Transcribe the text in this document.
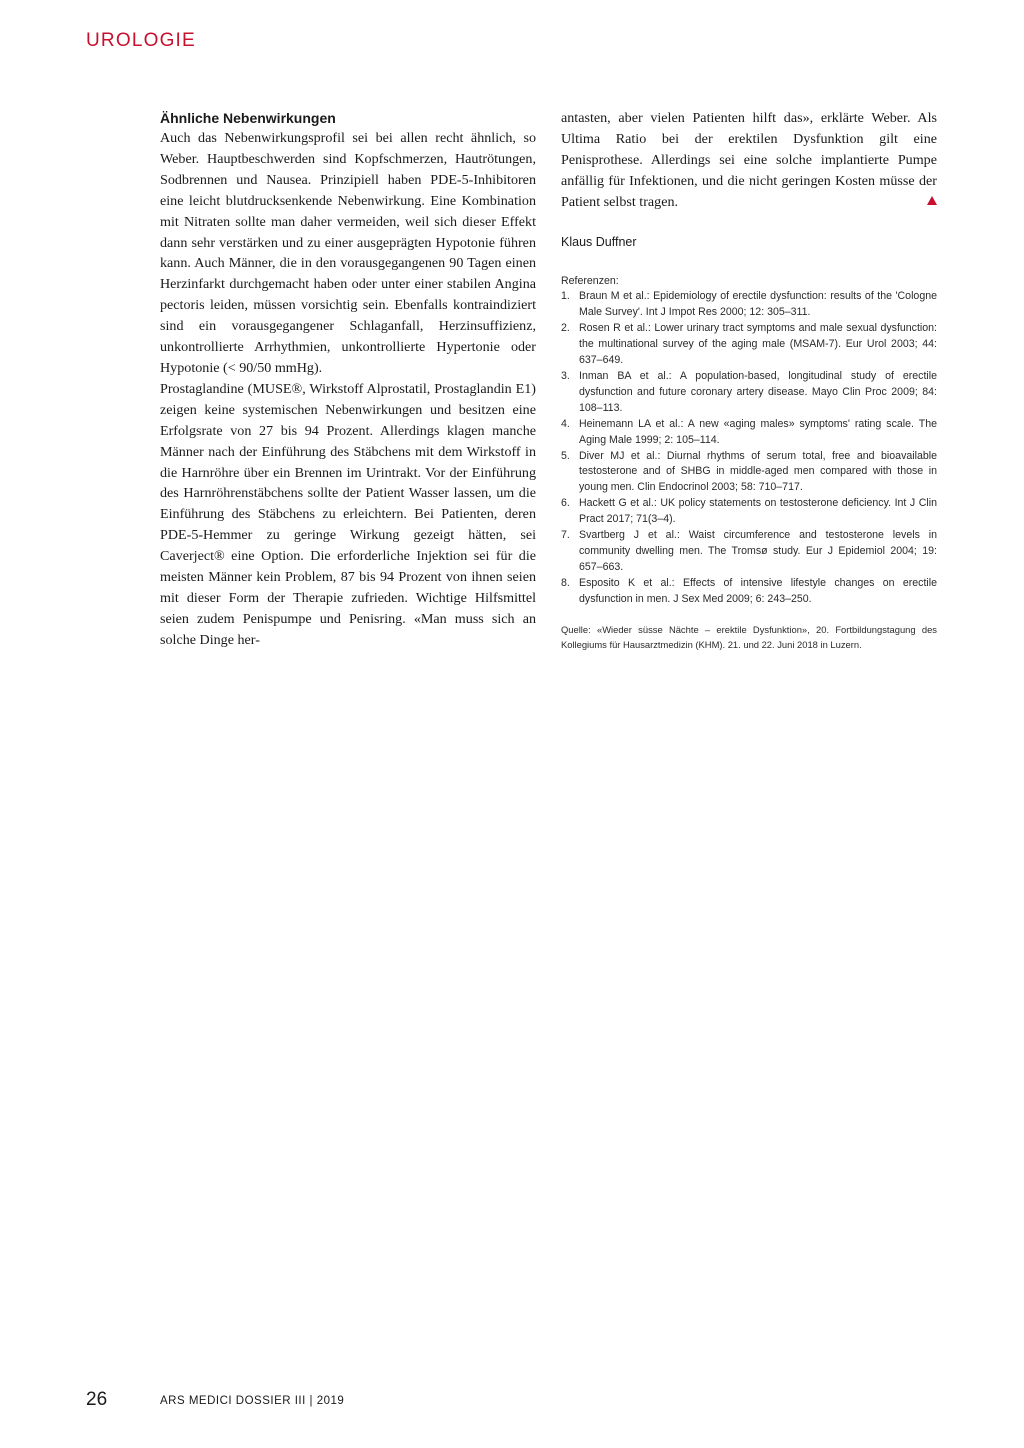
UROLOGIE
Ähnliche Nebenwirkungen

Auch das Nebenwirkungsprofil sei bei allen recht ähnlich, so Weber. Hauptbeschwerden sind Kopfschmerzen, Hautrötungen, Sodbrennen und Nausea. Prinzipiell haben PDE-5-Inhibitoren eine leicht blutdrucksenkende Nebenwirkung. Eine Kombination mit Nitraten sollte man daher vermeiden, weil sich dieser Effekt dann sehr verstärken und zu einer ausgeprägten Hypotonie führen kann. Auch Männer, die in den vorausgegangenen 90 Tagen einen Herzinfarkt durchgemacht haben oder unter einer stabilen Angina pectoris leiden, müssen vorsichtig sein. Ebenfalls kontraindiziert sind ein vorausgegangener Schlaganfall, Herzinsuffizienz, unkontrollierte Arrhythmien, unkontrollierte Hypertonie oder Hypotonie (< 90/50 mmHg).

Prostaglandine (MUSE®, Wirkstoff Alprostatil, Prostaglandin E1) zeigen keine systemischen Nebenwirkungen und besitzen eine Erfolgsrate von 27 bis 94 Prozent. Allerdings klagen manche Männer nach der Einführung des Stäbchens mit dem Wirkstoff in die Harnröhre über ein Brennen im Urintrakt. Vor der Einführung des Harnröhrenstäbchens sollte der Patient Wasser lassen, um die Einführung des Stäbchens zu erleichtern. Bei Patienten, deren PDE-5-Hemmer zu geringe Wirkung gezeigt hätten, sei Caverject® eine Option. Die erforderliche Injektion sei für die meisten Männer kein Problem, 87 bis 94 Prozent von ihnen seien mit dieser Form der Therapie zufrieden. Wichtige Hilfsmittel seien zudem Penispumpe und Penisring. «Man muss sich an solche Dinge her-

antasten, aber vielen Patienten hilft das», erklärte Weber. Als Ultima Ratio bei der erektilen Dysfunktion gilt eine Penisprothese. Allerdings sei eine solche implantierte Pumpe anfällig für Infektionen, und die nicht geringen Kosten müsse der Patient selbst tragen.

Klaus Duffner
Referenzen:
1. Braun M et al.: Epidemiology of erectile dysfunction: results of the 'Cologne Male Survey'. Int J Impot Res 2000; 12: 305–311.
2. Rosen R et al.: Lower urinary tract symptoms and male sexual dysfunction: the multinational survey of the aging male (MSAM-7). Eur Urol 2003; 44: 637–649.
3. Inman BA et al.: A population-based, longitudinal study of erectile dysfunction and future coronary artery disease. Mayo Clin Proc 2009; 84: 108–113.
4. Heinemann LA et al.: A new «aging males» symptoms' rating scale. The Aging Male 1999; 2: 105–114.
5. Diver MJ et al.: Diurnal rhythms of serum total, free and bioavailable testosterone and of SHBG in middle-aged men compared with those in young men. Clin Endocrinol 2003; 58: 710–717.
6. Hackett G et al.: UK policy statements on testosterone deficiency. Int J Clin Pract 2017; 71(3–4).
7. Svartberg J et al.: Waist circumference and testosterone levels in community dwelling men. The Tromsø study. Eur J Epidemiol 2004; 19: 657–663.
8. Esposito K et al.: Effects of intensive lifestyle changes on erectile dysfunction in men. J Sex Med 2009; 6: 243–250.
Quelle: «Wieder süsse Nächte – erektile Dysfunktion», 20. Fortbildungstagung des Kollegiums für Hausarztmedizin (KHM). 21. und 22. Juni 2018 in Luzern.
26	ARS MEDICI DOSSIER III | 2019
